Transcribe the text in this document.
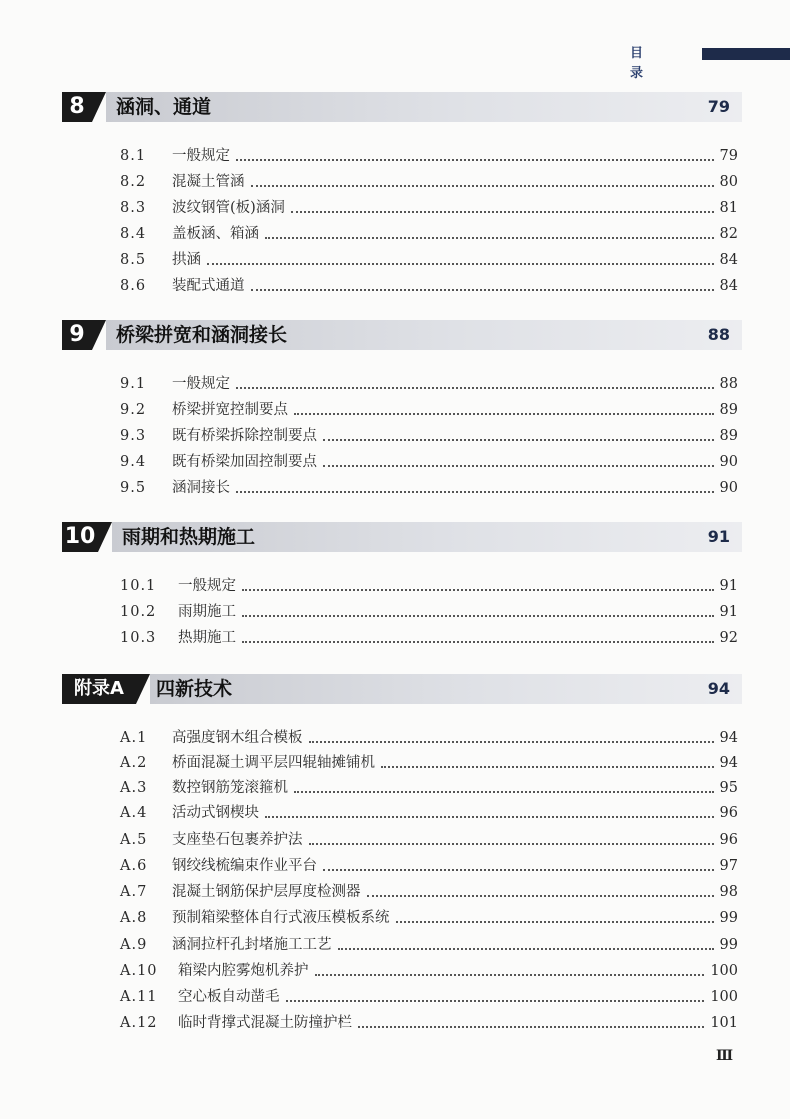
目 录
8	涵洞、通道	79
8.1	一般规定	79
8.2	混凝土管涵	80
8.3	波纹钢管(板)涵洞	81
8.4	盖板涵、箱涵	82
8.5	拱涵	84
8.6	装配式通道	84
9	桥梁拼宽和涵洞接长	88
9.1	一般规定	88
9.2	桥梁拼宽控制要点	89
9.3	既有桥梁拆除控制要点	89
9.4	既有桥梁加固控制要点	90
9.5	涵洞接长	90
10 雨期和热期施工	91
10.1	一般规定	91
10.2	雨期施工	91
10.3	热期施工	92
附录A	四新技术	94
A.1	高强度钢木组合模板	94
A.2	桥面混凝土调平层四辊轴摊铺机	94
A.3	数控钢筋笼滚箍机	95
A.4	活动式钢楔块	96
A.5	支座垫石包裹养护法	96
A.6	钢绞线梳编束作业平台	97
A.7	混凝土钢筋保护层厚度检测器	98
A.8	预制箱梁整体自行式液压模板系统	99
A.9	涵洞拉杆孔封堵施工工艺	99
A.10	箱梁内腔雾炮机养护	100
A.11	空心板自动凿毛	100
A.12	临时背撑式混凝土防撞护栏	101
Ⅲ
